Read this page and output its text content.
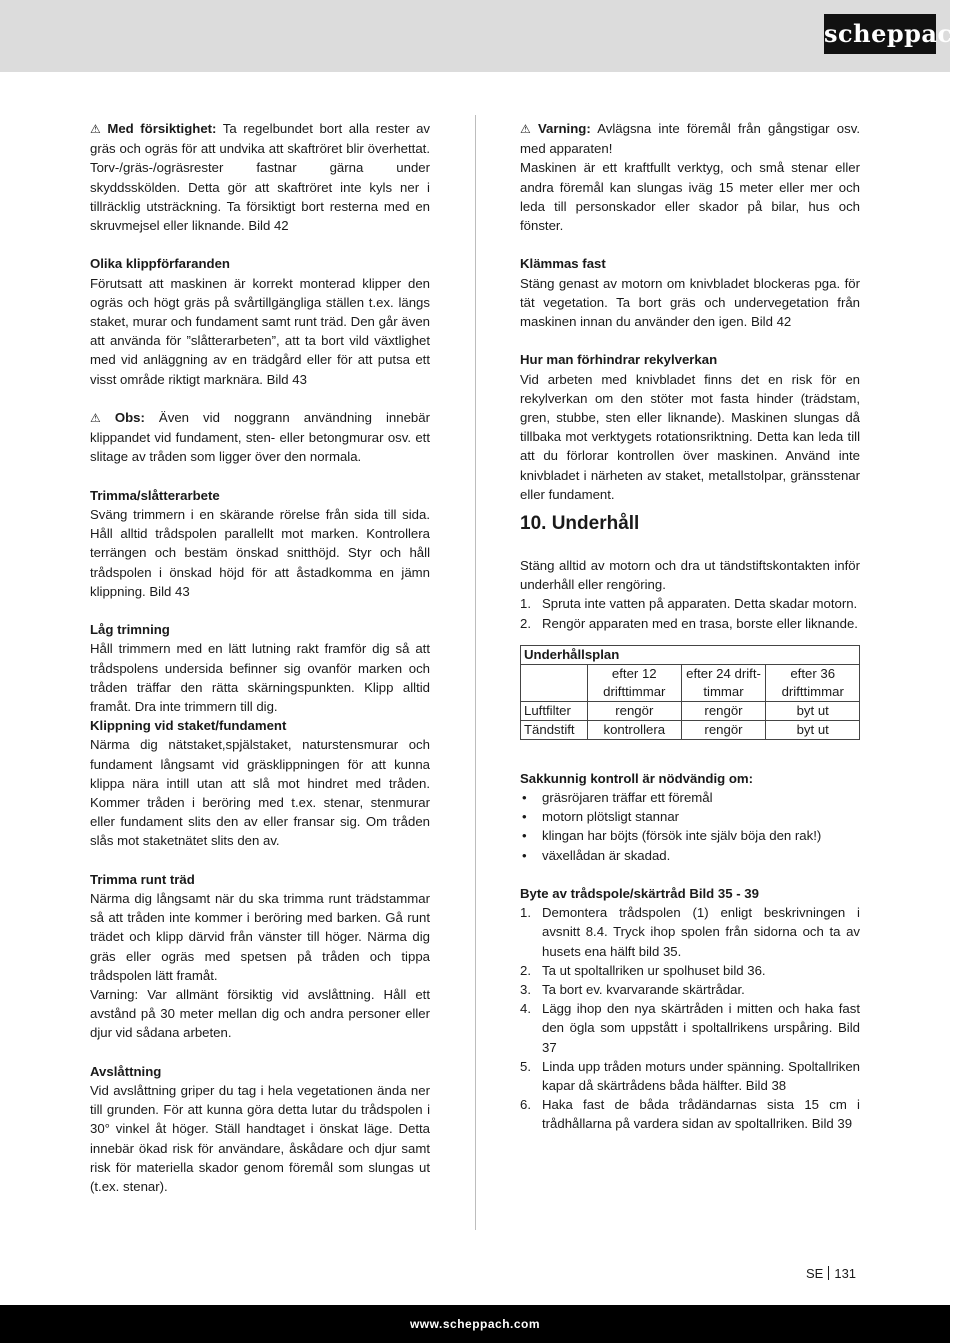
scheppach

⚠ Med försiktighet: Ta regelbundet bort alla rester av gräs och ogräs för att undvika att skaftröret blir överhettat. Torv-/gräs-/ogräsrester fastnar gärna under skyddsskölden. Detta gör att skaftröret inte kyls ner i tillräcklig utsträckning. Ta försiktigt bort resterna med en skruvmejsel eller liknande. Bild 42

Olika klippförfaranden

Förutsatt att maskinen är korrekt monterad klipper den ogräs och högt gräs på svårtillgängliga ställen t.ex. längs staket, murar och fundament samt runt träd. Den går även att använda för ”slåtterarbeten”, att ta bort vild växtlighet med vid anläggning av en trädgård eller för att putsa ett visst område riktigt marknära. Bild 43

⚠ Obs: Även vid noggrann användning innebär klippandet vid fundament, sten- eller betongmurar osv. ett slitage av tråden som ligger över den normala.

Trimma/slåtterarbete

Sväng trimmern i en skärande rörelse från sida till sida. Håll alltid trådspolen parallellt mot marken. Kontrollera terrängen och bestäm önskad snitthöjd. Styr och håll trådspolen i önskad höjd för att åstadkomma en jämn klippning. Bild 43

Låg trimning

Håll trimmern med en lätt lutning rakt framför dig så att trådspolens undersida befinner sig ovanför marken och tråden träffar den rätta skärningspunkten. Klipp alltid framåt. Dra inte trimmern till dig.

Klippning vid staket/fundament

Närma dig nätstaket,spjälstaket, naturstensmurar och fundament långsamt vid gräsklippningen för att kunna klippa nära intill utan att slå mot hindret med tråden. Kommer tråden i beröring med t.ex. stenar, stenmurar eller fundament slits den av eller fransar sig. Om tråden slås mot staketnätet slits den av.

Trimma runt träd

Närma dig långsamt när du ska trimma runt trädstammar så att tråden inte kommer i beröring med barken. Gå runt trädet och klipp därvid från vänster till höger. Närma dig gräs eller ogräs med spetsen på tråden och tippa trådspolen lätt framåt.

Varning: Var allmänt försiktig vid avslåttning. Håll ett avstånd på 30 meter mellan dig och andra personer eller djur vid sådana arbeten.

Avslåttning

Vid avslåttning griper du tag i hela vegetationen ända ner till grunden. För att kunna göra detta lutar du trådspolen i 30° vinkel åt höger. Ställ handtaget i önskat läge. Detta innebär ökad risk för användare, åskådare och djur samt risk för materiella skador genom föremål som slungas ut (t.ex. stenar).

⚠ Varning: Avlägsna inte föremål från gångstigar osv. med apparaten!

Maskinen är ett kraftfullt verktyg, och små stenar eller andra föremål kan slungas iväg 15 meter eller mer och leda till personskador eller skador på bilar, hus och fönster.

Klämmas fast

Stäng genast av motorn om knivbladet blockeras pga. för tät vegetation. Ta bort gräs och undervegetation från maskinen innan du använder den igen. Bild 42

Hur man förhindrar rekylverkan

Vid arbeten med knivbladet finns det en risk för en rekylverkan om den stöter mot fasta hinder (trädstam, gren, stubbe, sten eller liknande). Maskinen slungas då tillbaka mot verktygets rotationsriktning. Detta kan leda till att du förlorar kontrollen över maskinen. Använd inte knivbladet i närheten av staket, metallstolpar, gränsstenar eller fundament.

10. Underhåll

Stäng alltid av motorn och dra ut tändstiftskontakten inför underhåll eller rengöring.

1. Spruta inte vatten på apparaten. Detta skadar motorn.
2. Rengör apparaten med en trasa, borste eller liknande.
Underhållsplan			
	efter 12 drifttimmar	efter 24 drift-timmar	efter 36 drifttimmar
Luftfilter	rengör	rengör	byt ut
Tändstift	kontrollera	rengör	byt ut
Sakkunnig kontroll är nödvändig om:
• gräsröjaren träffar ett föremål
• motorn plötsligt stannar
• klingan har böjts (försök inte själv böja den rak!)
• växellådan är skadad.
Byte av trådspole/skärtråd Bild 35 - 39
1. Demontera trådspolen (1) enligt beskrivningen i avsnitt 8.4. Tryck ihop spolen från sidorna och ta av husets ena hälft bild 35.
2. Ta ut spoltallriken ur spolhuset bild 36.
3. Ta bort ev. kvarvarande skärtrådar.
4. Lägg ihop den nya skärtråden i mitten och haka fast den ögla som uppstått i spoltallrikens urspåring. Bild 37
5. Linda upp tråden moturs under spänning. Spoltallriken kapar då skärtrådens båda hälfter. Bild 38
6. Haka fast de båda trådändarnas sista 15 cm i trådhållarna på vardera sidan av spoltallriken. Bild 39
SE 131
www.scheppach.com
